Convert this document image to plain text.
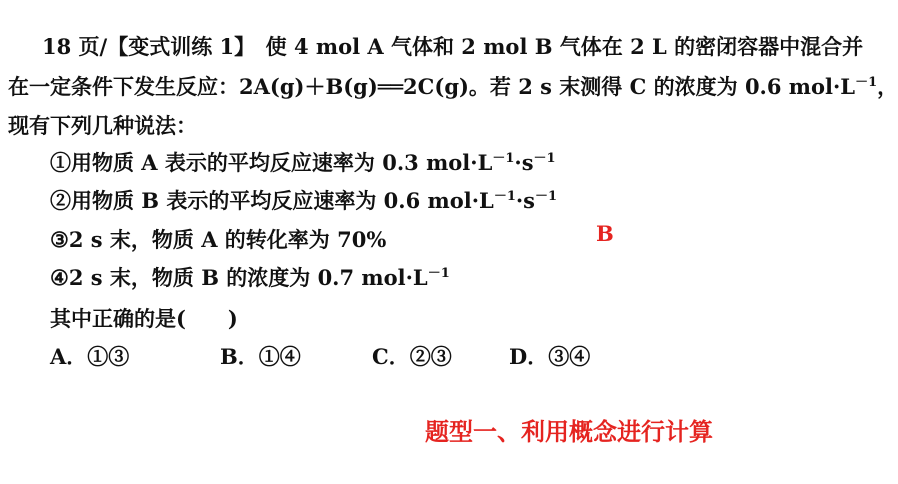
18 页/【变式训练 1】　使 4 mol A 气体和 2 mol B 气体在 2 L 的密闭容器中混合并
在一定条件下发生反应：2A(g)＋B(g)══2C(g)。若 2 s 末测得 C 的浓度为 0.6 $mol\cdot L^{-1}$，
现有下列几种说法：
①用物质 A 表示的平均反应速率为 0.3 $mol\cdot L^{-1}\cdot s^{-1}$
②用物质 B 表示的平均反应速率为 0.6 $mol\cdot L^{-1}\cdot s^{-1}$
③2 s 末，物质 A 的转化率为 70%
④2 s 末，物质 B 的浓度为 0.7 $mol\cdot L^{-1}$
其中正确的是(　　)
A．①③	B．①④	C．②③	D．③④
B
题型一、利用概念进行计算
